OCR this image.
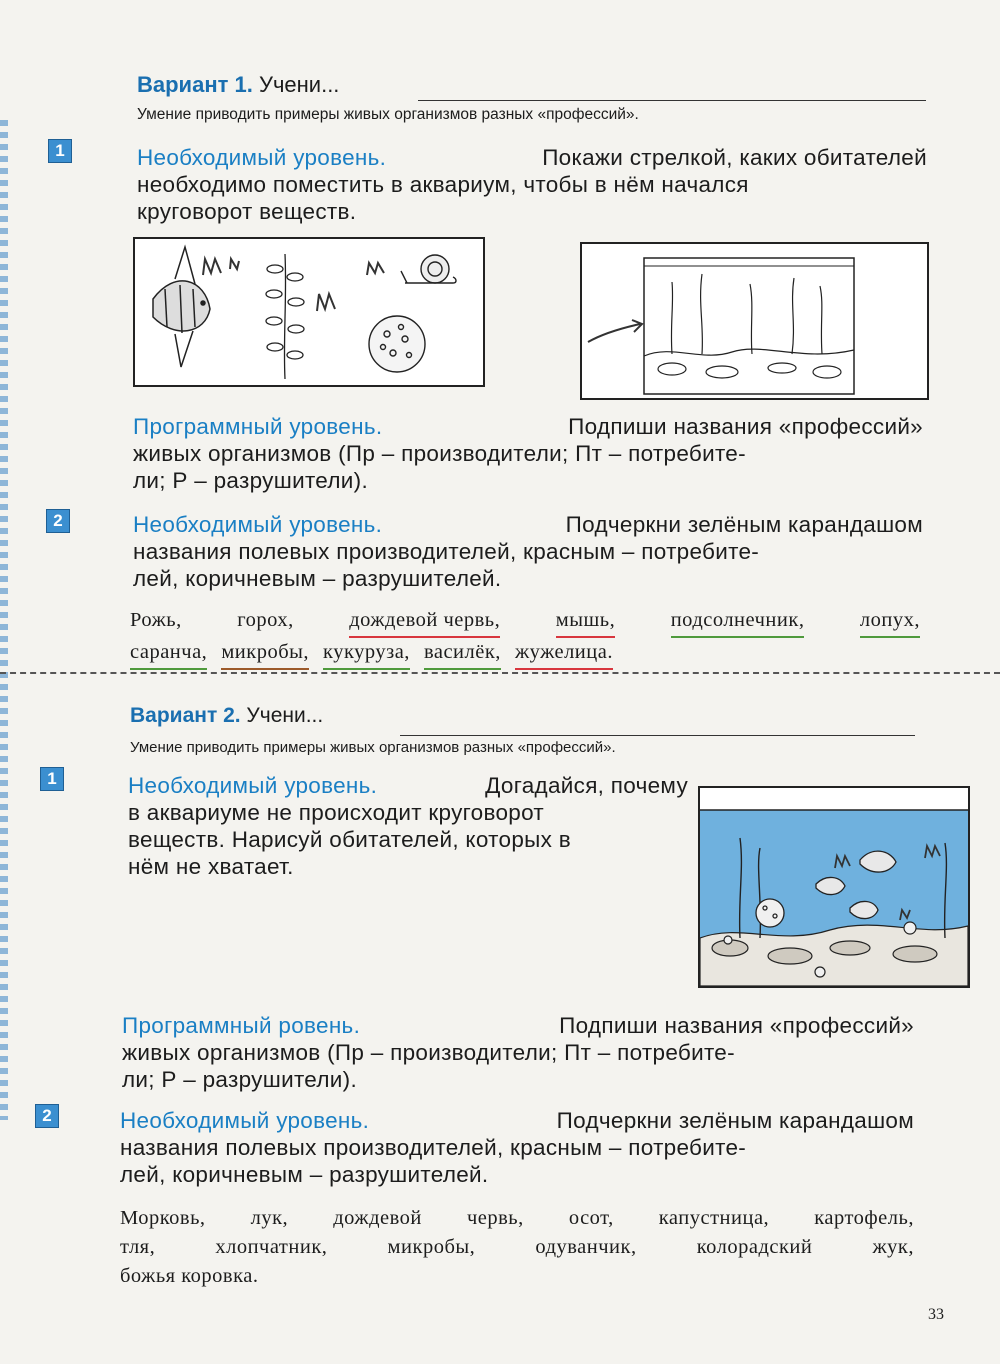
Вариант 1. Учени...
Умение приводить примеры живых организмов разных «профессий».
1	Необходимый уровень.	Покажи стрелкой, каких обитателей
необходимо поместить в аквариум, чтобы в нём начался
круговорот веществ.
Программный уровень.	Подпиши названия «профессий»
живых организмов (Пр – производители; Пт – потребите-
ли; Р – разрушители).
2	Необходимый уровень.	Подчеркни зелёным карандашом
названия полевых производителей, красным – потребите-
лей, коричневым – разрушителей.
Рожь,	горох,	дождевой червь,	мышь,	подсолнечник,	лопух,
саранча, микробы, кукуруза, василёк, жужелица.
Вариант 2. Учени...
Умение приводить примеры живых организмов разных «профессий».
1	Необходимый уровень.	Догадайся, почему
в аквариуме не происходит круговорот
веществ. Нарисуй обитателей, которых в
нём не хватает.
Программный ровень.	Подпиши названия «профессий»
живых организмов (Пр – производители; Пт – потребите-
ли; Р – разрушители).
2	Необходимый уровень.	Подчеркни зелёным карандашом
названия полевых производителей, красным – потребите-
лей, коричневым – разрушителей.
Морковь, лук, дождевой червь, осот, капустница, картофель,
тля, хлопчатник, микробы, одуванчик, колорадский жук,
божья коровка.
33
